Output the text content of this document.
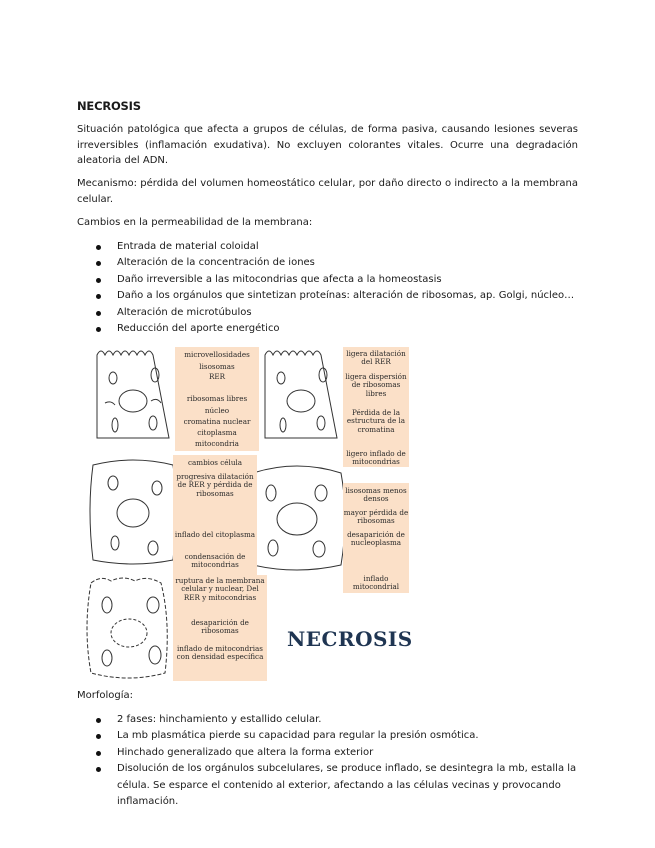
NECROSIS

Situación patológica que afecta a grupos de células, de forma pasiva, causando lesiones severas irreversibles (inflamación exudativa). No excluyen colorantes vitales. Ocurre una degradación aleatoria del ADN.

Mecanismo: pérdida del volumen homeostático celular, por daño directo o indirecto a la membrana celular.

Cambios en la permeabilidad de la membrana:

Entrada de material coloidal
Alteración de la concentración de iones
Daño irreversible a las mitocondrias que afecta a la homeostasis
Daño a los orgánulos que sintetizan proteínas: alteración de ribosomas, ap. Golgi, núcleo…
Alteración de microtúbulos
Reducción del aporte energético
microvellosidades
lisosomas
RER
ribosomas libres
núcleo
cromatina nuclear
citoplasma
mitocondria
ligera dilatación del RER
ligera dispersión de ribosomas libres
Pérdida de la estructura de la cromatina
ligero inflado de mitocondrias
cambios célula
progresiva dilatación de RER y pérdida de ribosomas
inflado del citoplasma
condensación de mitocondrias
lisosomas menos densos
mayor pérdida de ribosomas
desaparición de nucleoplasma
inflado mitocondrial
ruptura de la membrana celular y nuclear, Del RER y mitocondrias
desaparición de ribosomas
inflado de mitocondrias con densidad específica
NECROSIS
Morfología:
2 fases: hinchamiento y estallido celular.
La mb plasmática pierde su capacidad para regular la presión osmótica.
Hinchado generalizado que altera la forma exterior
Disolución de los orgánulos subcelulares, se produce inflado, se desintegra la mb, estalla la célula. Se esparce el contenido al exterior, afectando a las células vecinas y provocando inflamación.
